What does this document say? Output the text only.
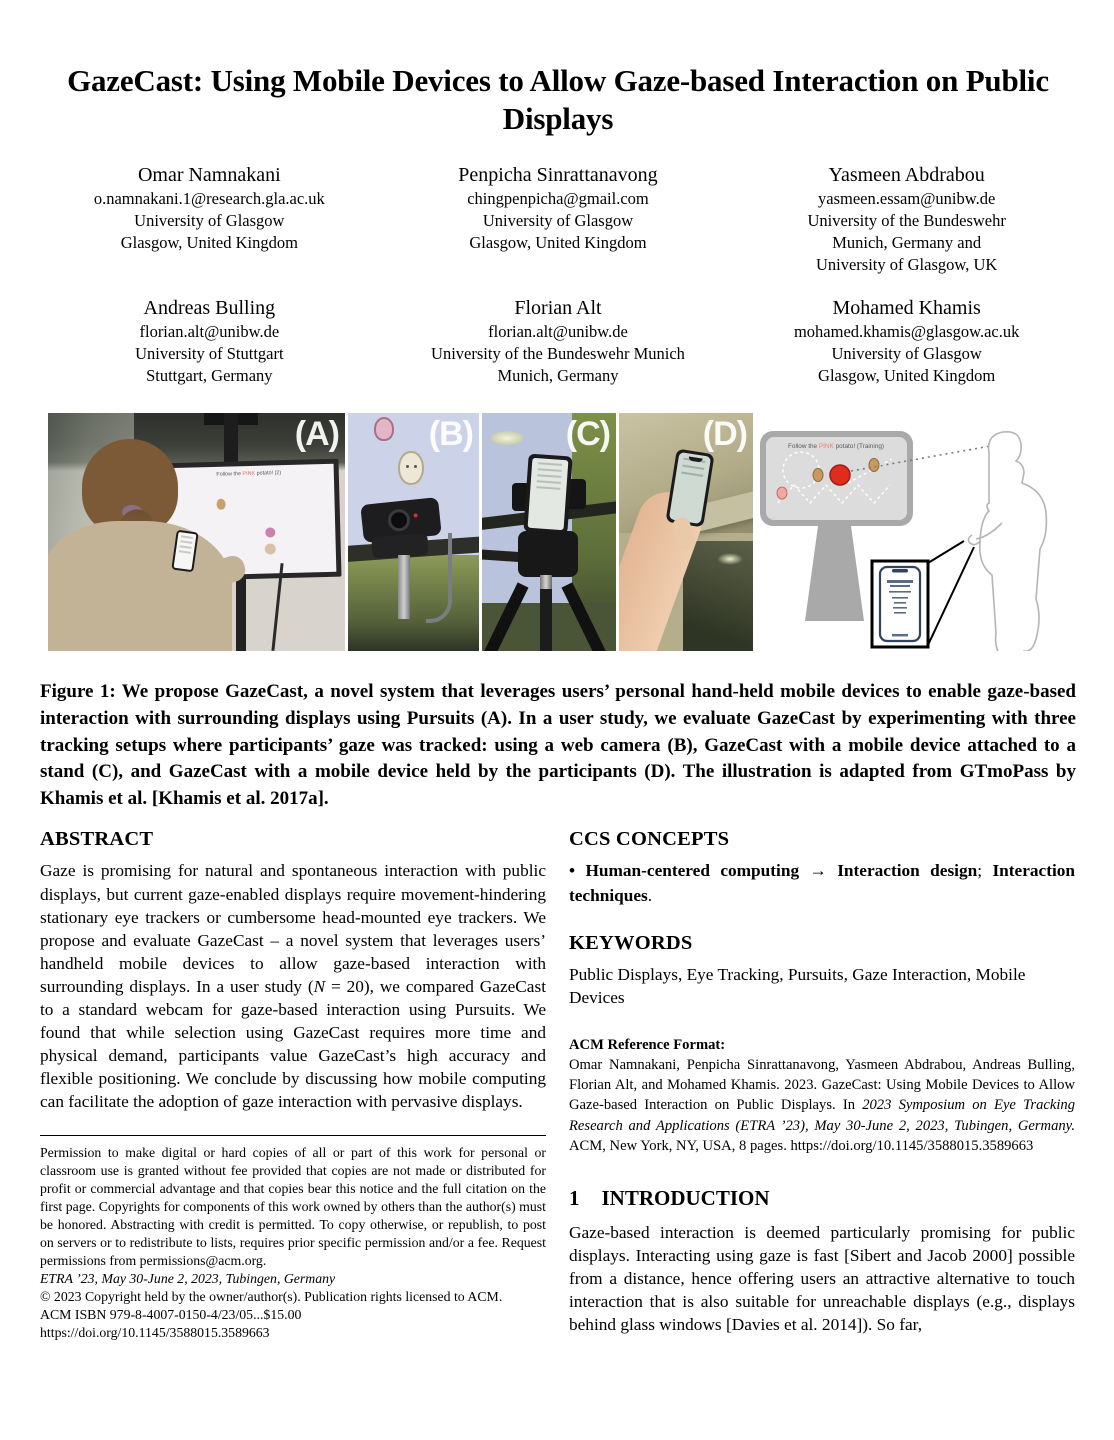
GazeCast: Using Mobile Devices to Allow Gaze-based Interaction on Public Displays
Omar Namnakani
o.namnakani.1@research.gla.ac.uk
University of Glasgow
Glasgow, United Kingdom
Penpicha Sinrattanavong
chingpenpicha@gmail.com
University of Glasgow
Glasgow, United Kingdom
Yasmeen Abdrabou
yasmeen.essam@unibw.de
University of the Bundeswehr
Munich, Germany and
University of Glasgow, UK
Andreas Bulling
florian.alt@unibw.de
University of Stuttgart
Stuttgart, Germany
Florian Alt
florian.alt@unibw.de
University of the Bundeswehr Munich
Munich, Germany
Mohamed Khamis
mohamed.khamis@glasgow.ac.uk
University of Glasgow
Glasgow, United Kingdom
Follow the PINK potato! (2)
(A)	(B)	(C)	(D)	Follow the PINK potato! (Training)

Figure 1: We propose GazeCast, a novel system that leverages users’ personal hand-held mobile devices to enable gaze-based interaction with surrounding displays using Pursuits (A). In a user study, we evaluate GazeCast by experimenting with three tracking setups where participants’ gaze was tracked: using a web camera (B), GazeCast with a mobile device attached to a stand (C), and GazeCast with a mobile device held by the participants (D). The illustration is adapted from GTmoPass by Khamis et al. [Khamis et al. 2017a].

ABSTRACT

Gaze is promising for natural and spontaneous interaction with public displays, but current gaze-enabled displays require movement-hindering stationary eye trackers or cumbersome head-mounted eye trackers. We propose and evaluate GazeCast – a novel system that leverages users’ handheld mobile devices to allow gaze-based interaction with surrounding displays. In a user study (N = 20), we compared GazeCast to a standard webcam for gaze-based interaction using Pursuits. We found that while selection using GazeCast requires more time and physical demand, participants value GazeCast’s high accuracy and flexible positioning. We conclude by discussing how mobile computing can facilitate the adoption of gaze interaction with pervasive displays.

Permission to make digital or hard copies of all or part of this work for personal or classroom use is granted without fee provided that copies are not made or distributed for profit or commercial advantage and that copies bear this notice and the full citation on the first page. Copyrights for components of this work owned by others than the author(s) must be honored. Abstracting with credit is permitted. To copy otherwise, or republish, to post on servers or to redistribute to lists, requires prior specific permission and/or a fee. Request permissions from permissions@acm.org.
ETRA ’23, May 30-June 2, 2023, Tubingen, Germany
© 2023 Copyright held by the owner/author(s). Publication rights licensed to ACM.
ACM ISBN 979-8-4007-0150-4/23/05...$15.00
https://doi.org/10.1145/3588015.3589663
CCS CONCEPTS

• Human-centered computing → Interaction design; Interaction techniques.

KEYWORDS

Public Displays, Eye Tracking, Pursuits, Gaze Interaction, Mobile Devices

ACM Reference Format:

Omar Namnakani, Penpicha Sinrattanavong, Yasmeen Abdrabou, Andreas Bulling, Florian Alt, and Mohamed Khamis. 2023. GazeCast: Using Mobile Devices to Allow Gaze-based Interaction on Public Displays. In 2023 Symposium on Eye Tracking Research and Applications (ETRA ’23), May 30-June 2, 2023, Tubingen, Germany. ACM, New York, NY, USA, 8 pages. https://doi.org/10.1145/3588015.3589663

1 INTRODUCTION

Gaze-based interaction is deemed particularly promising for public displays. Interacting using gaze is fast [Sibert and Jacob 2000] possible from a distance, hence offering users an attractive alternative to touch interaction that is also suitable for unreachable displays (e.g., displays behind glass windows [Davies et al. 2014]). So far,
